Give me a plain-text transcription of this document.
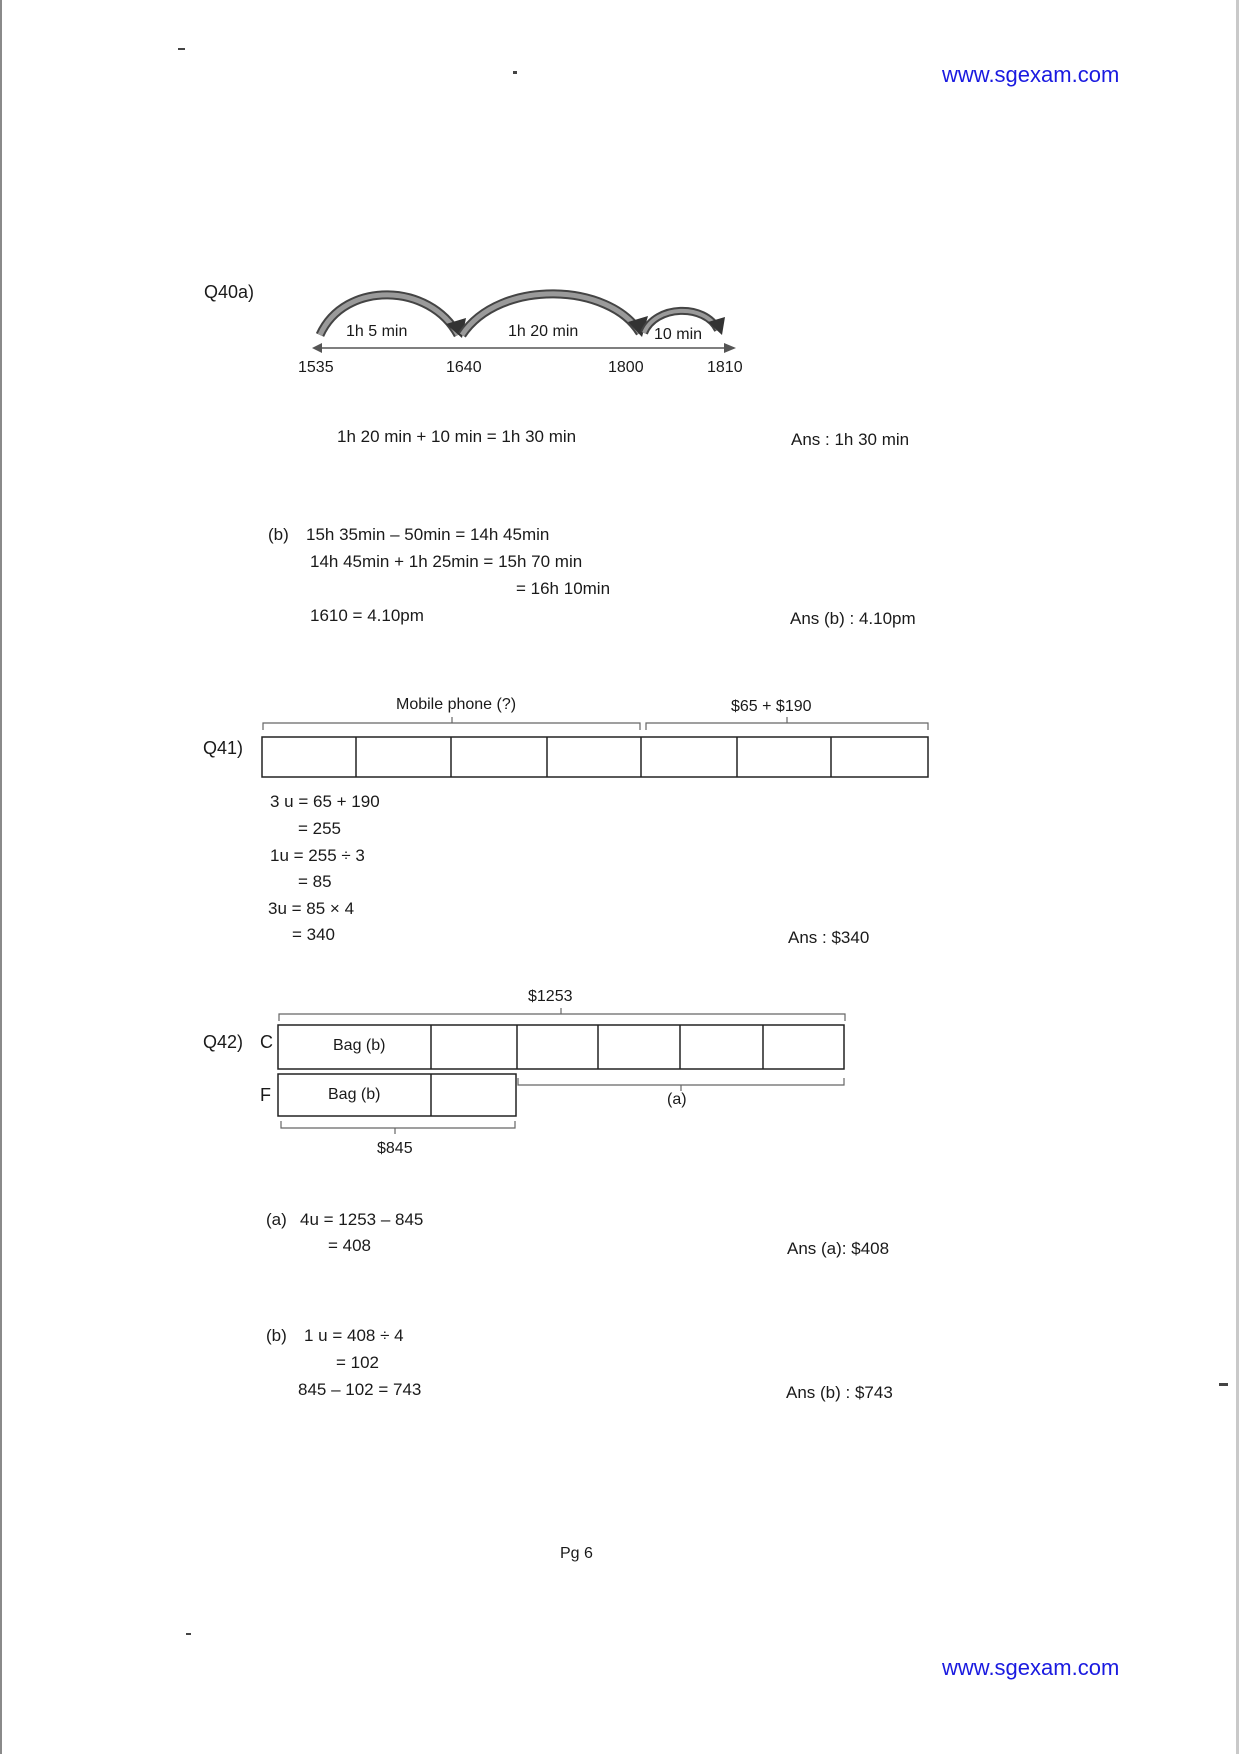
www.sgexam.com
www.sgexam.com
Q40a)
1h 5 min	1h 20 min	10 min
1535	1640	1800	1810
1h 20 min + 10 min = 1h 30 min	Ans : 1h 30 min
(b) 15h 35min – 50min = 14h 45min
14h 45min + 1h 25min = 15h 70 min
= 16h 10min
1610 = 4.10pm	Ans (b) : 4.10pm
Mobile phone (?)	$65 + $190
Q41)
3 u = 65 + 190
= 255
1u = 255 ÷ 3
= 85
3u = 85 × 4
= 340	Ans : $340
$1253
Q42) C
F
Bag (b)
Bag (b)	(a)
$845
(a) 4u = 1253 – 845
= 408	Ans (a): $408
(b) 1 u = 408 ÷ 4
= 102
845 – 102 = 743	Ans (b) : $743
Pg 6
